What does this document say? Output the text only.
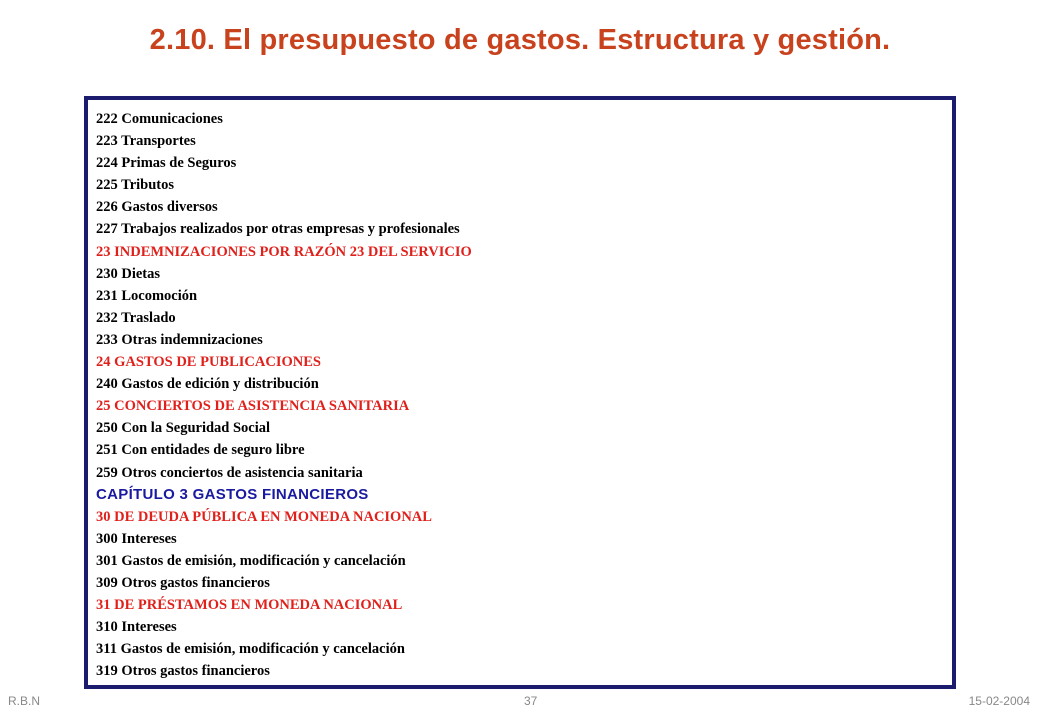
2.10. El presupuesto de gastos. Estructura y gestión.
222 Comunicaciones
223 Transportes
224 Primas de Seguros
225 Tributos
226 Gastos diversos
227 Trabajos realizados por otras empresas y profesionales
23 INDEMNIZACIONES POR RAZÓN 23 DEL SERVICIO
230 Dietas
231 Locomoción
232 Traslado
233 Otras indemnizaciones
24 GASTOS DE PUBLICACIONES
240 Gastos de edición y distribución
25 CONCIERTOS DE ASISTENCIA SANITARIA
250 Con la Seguridad Social
251 Con entidades de seguro libre
259 Otros conciertos de asistencia sanitaria
CAPÍTULO 3 GASTOS FINANCIEROS
30 DE DEUDA PÚBLICA EN MONEDA NACIONAL
300 Intereses
301 Gastos de emisión, modificación y cancelación
309 Otros gastos financieros
31 DE PRÉSTAMOS EN MONEDA NACIONAL
310 Intereses
311 Gastos de emisión, modificación y cancelación
319 Otros gastos financieros
R.B.N	37	15-02-2004
